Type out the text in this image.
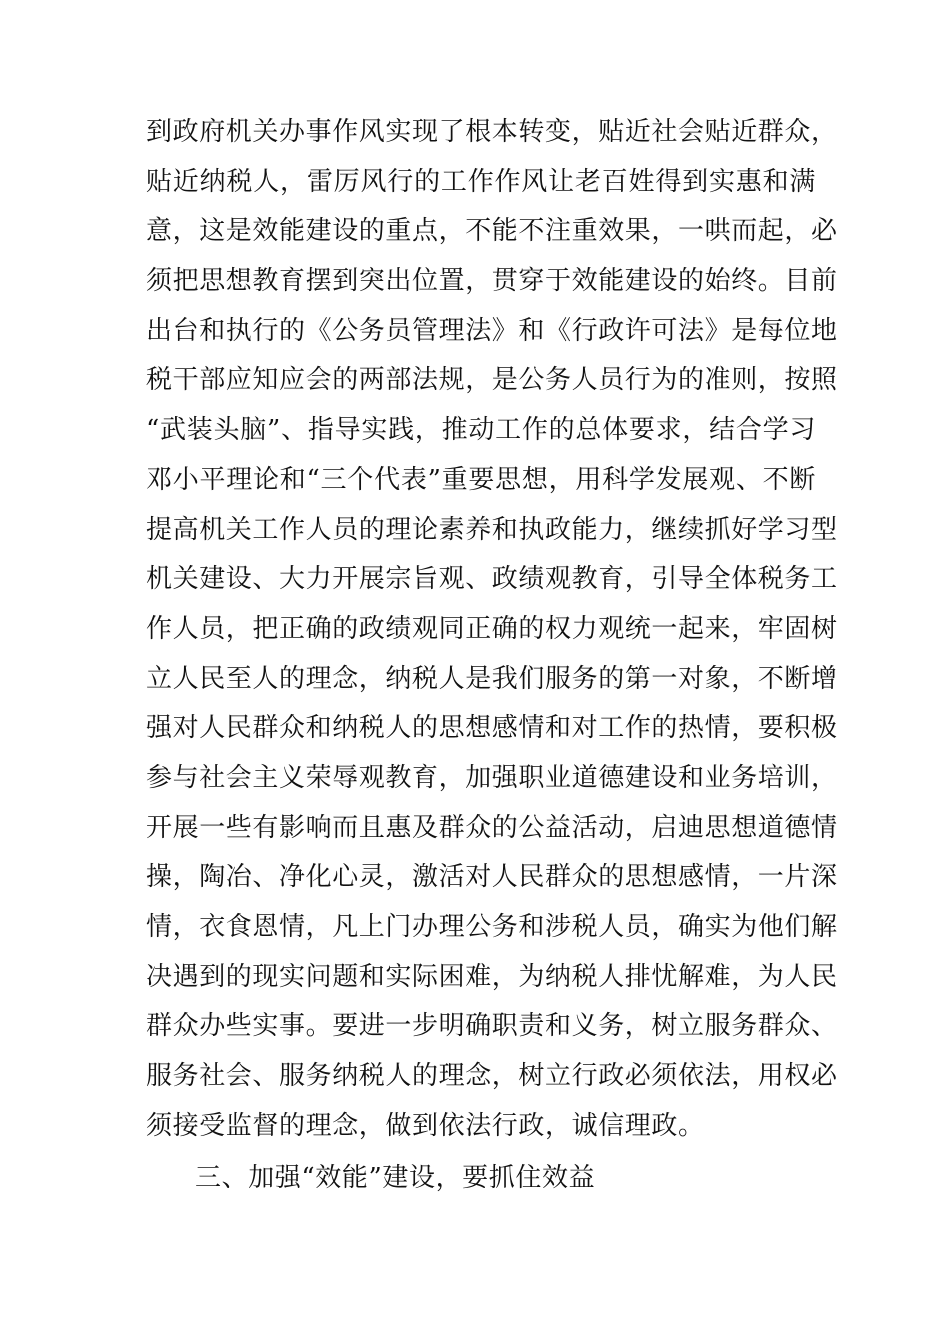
到政府机关办事作风实现了根本转变，贴近社会贴近群众，
贴近纳税人，雷厉风行的工作作风让老百姓得到实惠和满
意，这是效能建设的重点，不能不注重效果，一哄而起，必
须把思想教育摆到突出位置，贯穿于效能建设的始终。目前
出台和执行的《公务员管理法》和《行政许可法》是每位地
税干部应知应会的两部法规，是公务人员行为的准则，按照
“武装头脑”、指导实践，推动工作的总体要求，结合学习
邓小平理论和“三个代表”重要思想，用科学发展观、不断
提高机关工作人员的理论素养和执政能力，继续抓好学习型
机关建设、大力开展宗旨观、政绩观教育，引导全体税务工
作人员，把正确的政绩观同正确的权力观统一起来，牢固树
立人民至人的理念，纳税人是我们服务的第一对象，不断增
强对人民群众和纳税人的思想感情和对工作的热情，要积极
参与社会主义荣辱观教育，加强职业道德建设和业务培训，
开展一些有影响而且惠及群众的公益活动，启迪思想道德情
操，陶冶、净化心灵，激活对人民群众的思想感情，一片深
情，衣食恩情，凡上门办理公务和涉税人员，确实为他们解
决遇到的现实问题和实际困难，为纳税人排忧解难，为人民
群众办些实事。要进一步明确职责和义务，树立服务群众、
服务社会、服务纳税人的理念，树立行政必须依法，用权必
须接受监督的理念，做到依法行政，诚信理政。
三、加强“效能”建设，要抓住效益
